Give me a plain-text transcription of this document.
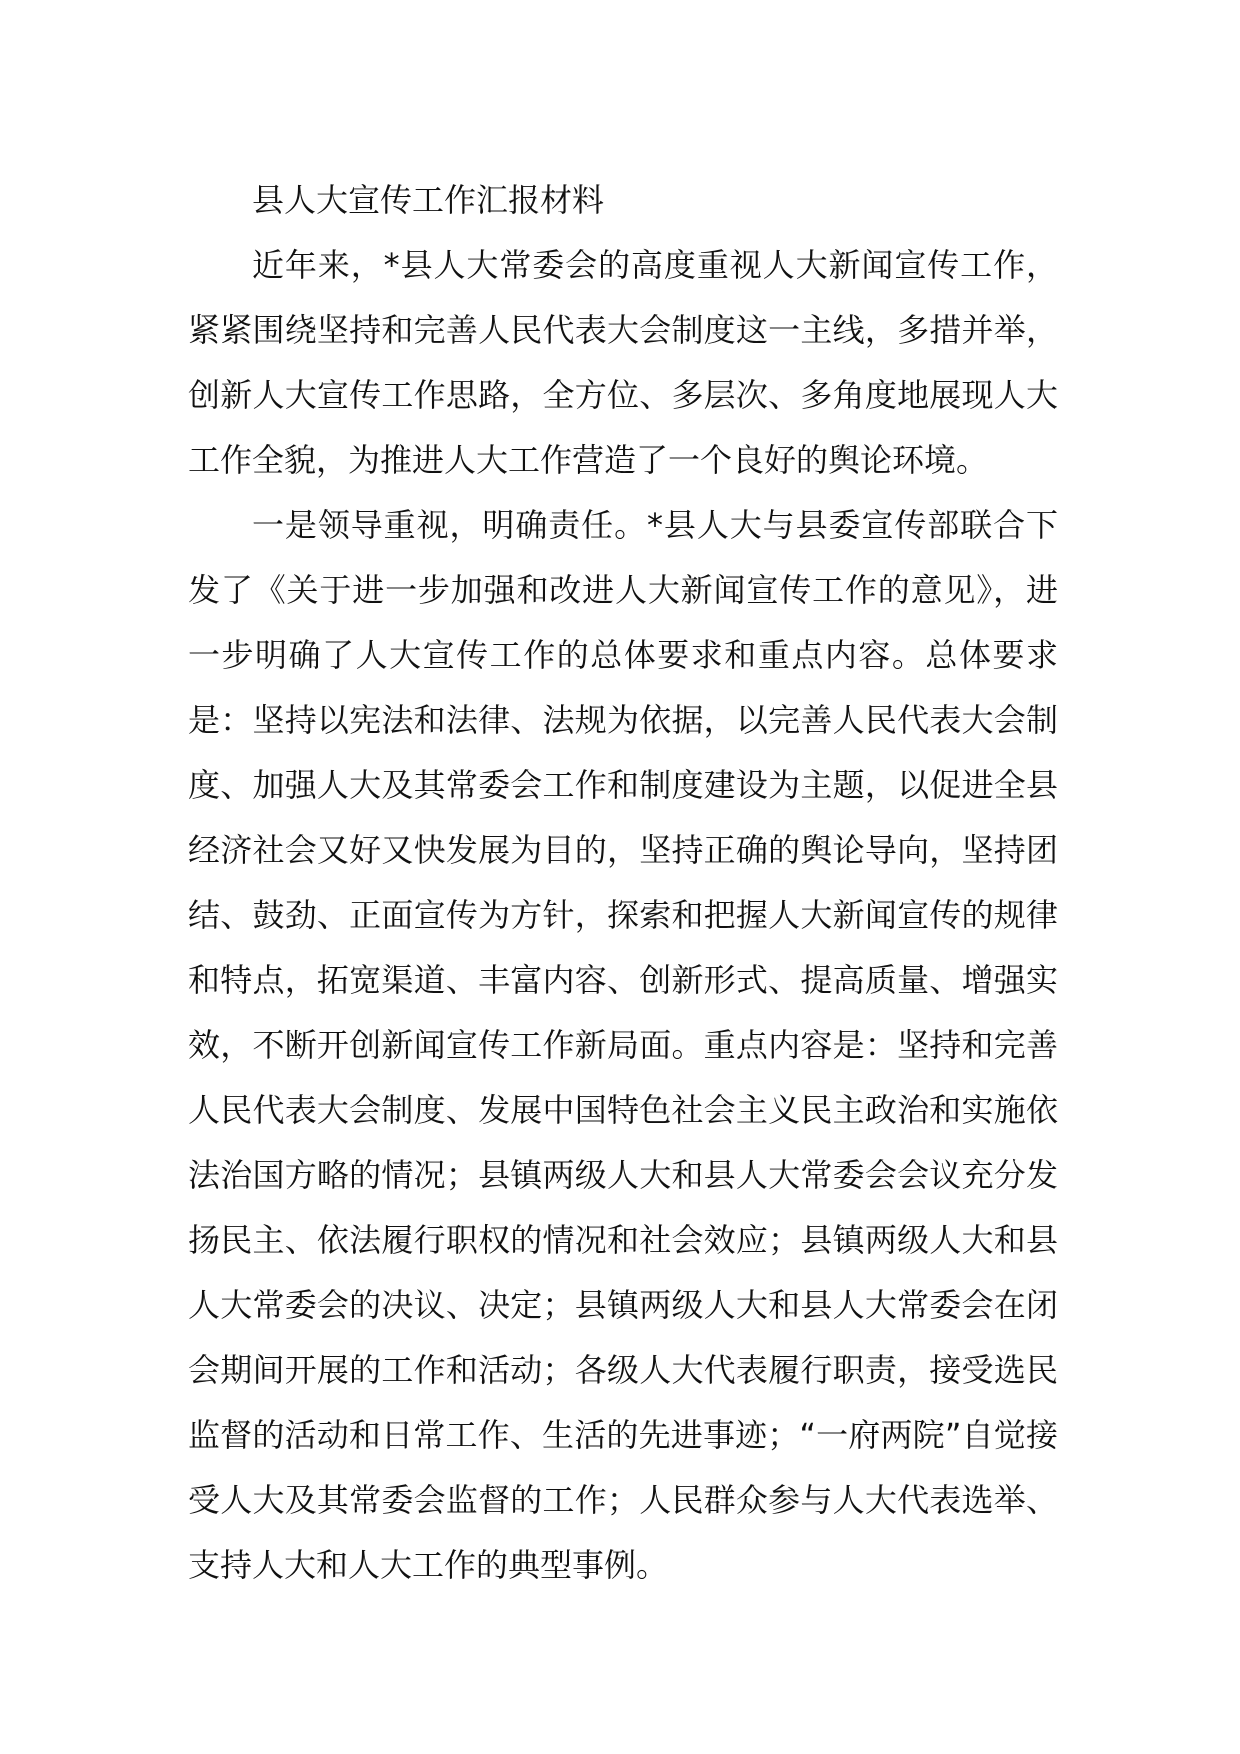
县人大宣传工作汇报材料

近年来，*县人大常委会的高度重视人大新闻宣传工作，紧紧围绕坚持和完善人民代表大会制度这一主线，多措并举，创新人大宣传工作思路，全方位、多层次、多角度地展现人大工作全貌，为推进人大工作营造了一个良好的舆论环境。

一是领导重视，明确责任。*县人大与县委宣传部联合下发了《关于进一步加强和改进人大新闻宣传工作的意见》，进一步明确了人大宣传工作的总体要求和重点内容。总体要求是：坚持以宪法和法律、法规为依据，以完善人民代表大会制度、加强人大及其常委会工作和制度建设为主题，以促进全县经济社会又好又快发展为目的，坚持正确的舆论导向，坚持团结、鼓劲、正面宣传为方针，探索和把握人大新闻宣传的规律和特点，拓宽渠道、丰富内容、创新形式、提高质量、增强实效，不断开创新闻宣传工作新局面。重点内容是：坚持和完善人民代表大会制度、发展中国特色社会主义民主政治和实施依法治国方略的情况；县镇两级人大和县人大常委会会议充分发扬民主、依法履行职权的情况和社会效应；县镇两级人大和县人大常委会的决议、决定；县镇两级人大和县人大常委会在闭会期间开展的工作和活动；各级人大代表履行职责，接受选民监督的活动和日常工作、生活的先进事迹；“一府两院”自觉接受人大及其常委会监督的工作；人民群众参与人大代表选举、支持人大和人大工作的典型事例。
